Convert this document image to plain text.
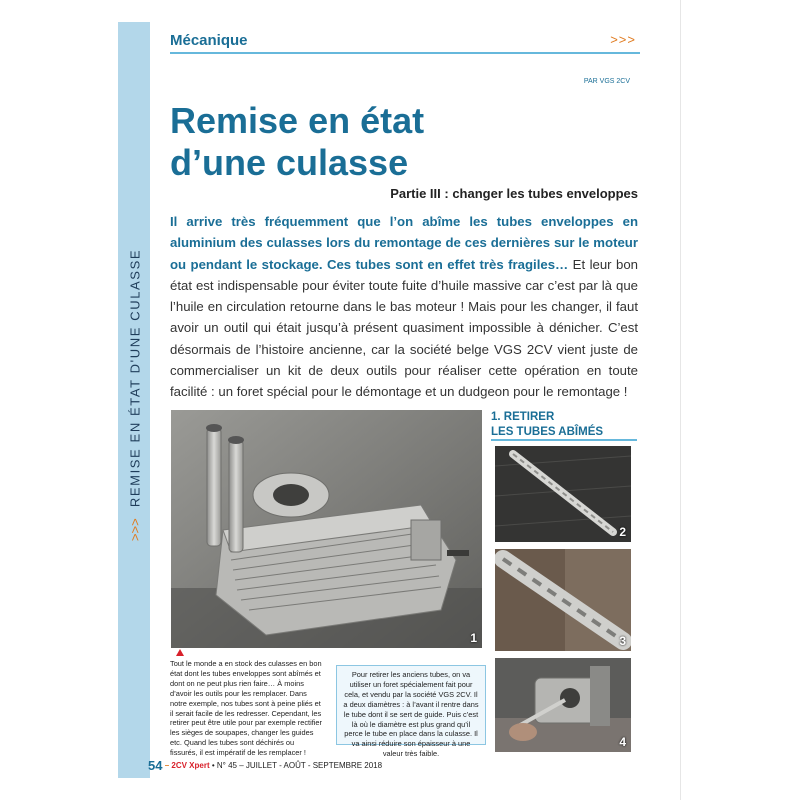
>>> REMISE EN ÉTAT D'UNE CULASSE
Mécanique	>>>
PAR VGS 2CV
Remise en état
d’une culasse
Partie III : changer les tubes enveloppes
Il arrive très fréquemment que l’on abîme les tubes enveloppes en aluminium des culasses lors du remontage de ces dernières sur le moteur ou pendant le stockage. Ces tubes sont en effet très fragiles… Et leur bon état est indispensable pour éviter toute fuite d’huile massive car c’est par là que l’huile en circulation retourne dans le bas moteur ! Mais pour les changer, il faut avoir un outil qui était jusqu’à présent quasiment impossible à dénicher. C’est désormais de l’histoire ancienne, car la société belge VGS 2CV vient juste de commercialiser un kit de deux outils pour réaliser cette opération en toute facilité : un foret spécial pour le démontage et un dudgeon pour le remontage !
1
2
3
4
Tout le monde a en stock des culasses en bon état dont les tubes enveloppes sont abîmés et dont on ne peut plus rien faire… À moins d’avoir les outils pour les remplacer. Dans notre exemple, nos tubes sont à peine pliés et il serait facile de les redresser. Cependant, les retirer peut être utile pour par exemple rectifier les sièges de soupapes, changer les guides etc. Quand les tubes sont déchirés ou fissurés, il est impératif de les remplacer !
Pour retirer les anciens tubes, on va utiliser un foret spécialement fait pour cela, et vendu par la société VGS 2CV. Il a deux diamètres : à l’avant il rentre dans le tube dont il se sert de guide. Puis c’est là où le diamètre est plus grand qu’il perce le tube en place dans la culasse. Il va ainsi réduire son épaisseur à une valeur très faible.
1. RETIRER
LES TUBES ABÎMÉS
54 – 2CV Xpert • N° 45 – JUILLET - AOÛT - SEPTEMBRE 2018
